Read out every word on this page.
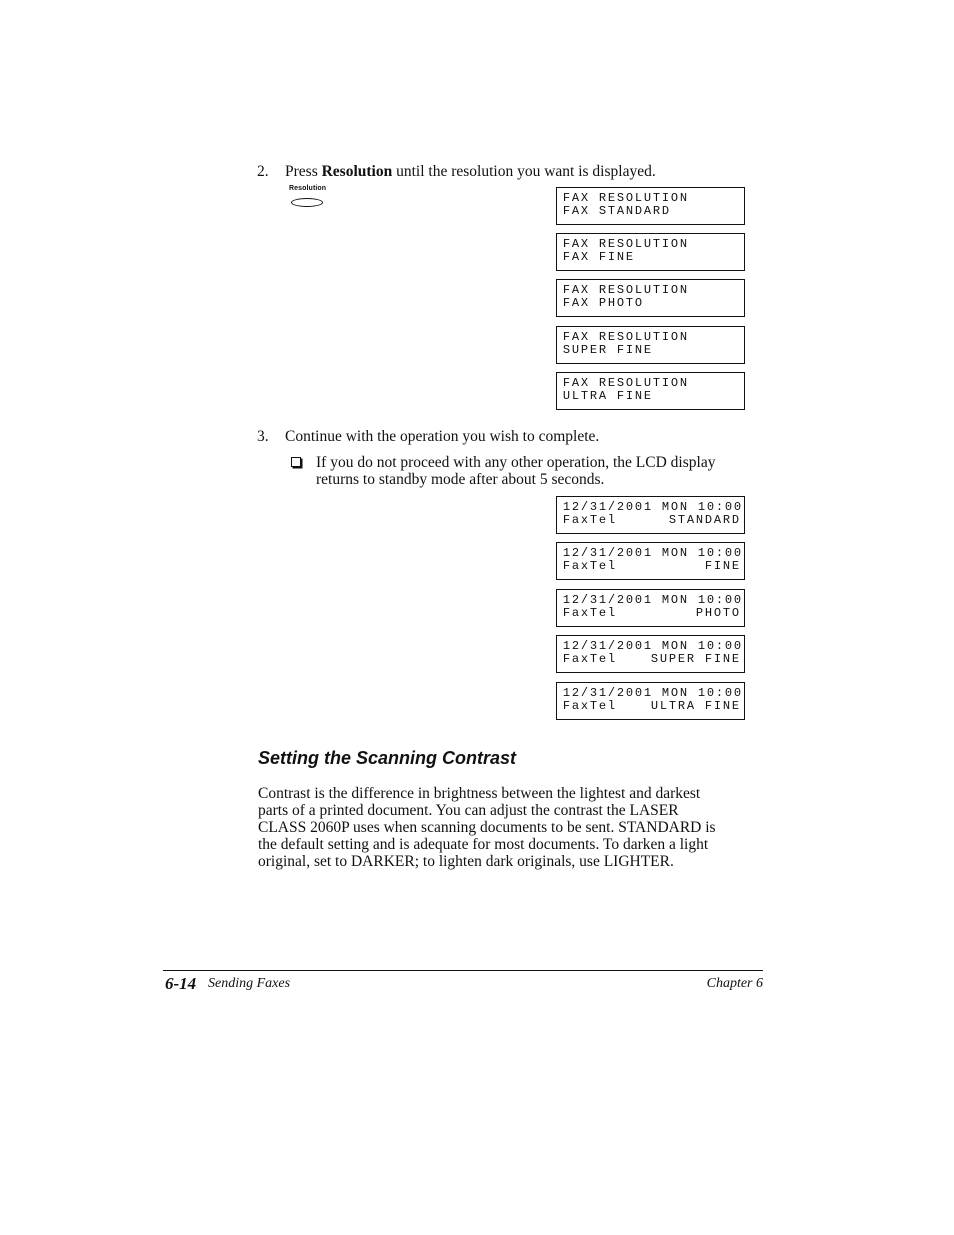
2. Press Resolution until the resolution you want is displayed.
Resolution
F A X R E S O L U T I O N
F A X S T A N D A R D
F A X R E S O L U T I O N
F A X F I N E
F A X R E S O L U T I O N
F A X P H O T O
F A X R E S O L U T I O N
S U P E R F I N E
F A X R E S O L U T I O N
U L T R A F I N E
3. Continue with the operation you wish to complete.
If you do not proceed with any other operation, the LCD display
returns to standby mode after about 5 seconds.
1 2 / 3 1 / 2 0 0 1 M O N 1 0 : 0 0
F a x T e l	S T A N D A R D
1 2 / 3 1 / 2 0 0 1 M O N 1 0 : 0 0
F a x T e l	F I N E
1 2 / 3 1 / 2 0 0 1 M O N 1 0 : 0 0
F a x T e l	P H O T O
1 2 / 3 1 / 2 0 0 1 M O N 1 0 : 0 0
F a x T e l	S U P E R F I N E
1 2 / 3 1 / 2 0 0 1 M O N 1 0 : 0 0
F a x T e l	U L T R A F I N E
Setting the Scanning Contrast
Contrast is the difference in brightness between the lightest and darkest
parts of a printed document. You can adjust the contrast the LASER
CLASS 2060P uses when scanning documents to be sent. STANDARD is
the default setting and is adequate for most documents. To darken a light
original, set to DARKER; to lighten dark originals, use LIGHTER.
6-14 Sending Faxes	Chapter 6
